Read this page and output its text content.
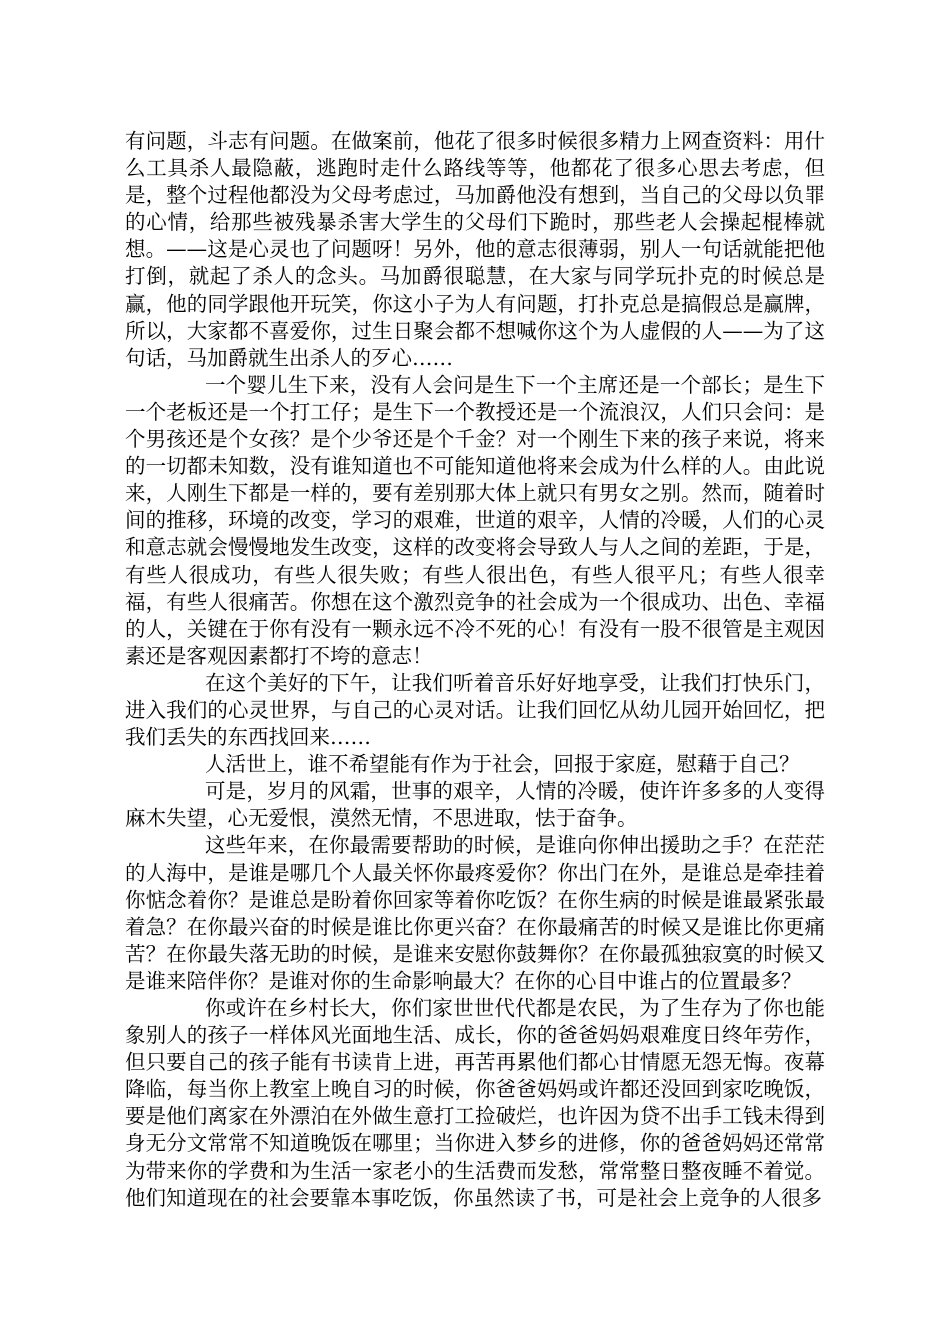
有问题，斗志有问题。在做案前，他花了很多时候很多精力上网查资料：用什么工具杀人最隐蔽，逃跑时走什么路线等等，他都花了很多心思去考虑，但是，整个过程他都没为父母考虑过，马加爵他没有想到，当自己的父母以负罪的心情，给那些被残暴杀害大学生的父母们下跪时，那些老人会操起棍棒就想。——这是心灵也了问题呀！另外，他的意志很薄弱，别人一句话就能把他打倒，就起了杀人的念头。马加爵很聪慧，在大家与同学玩扑克的时候总是赢，他的同学跟他开玩笑，你这小子为人有问题，打扑克总是搞假总是赢牌，所以，大家都不喜爱你，过生日聚会都不想喊你这个为人虚假的人——为了这句话，马加爵就生出杀人的歹心……

一个婴儿生下来，没有人会问是生下一个主席还是一个部长；是生下一个老板还是一个打工仔；是生下一个教授还是一个流浪汉，人们只会问：是个男孩还是个女孩？是个少爷还是个千金？对一个刚生下来的孩子来说，将来的一切都未知数，没有谁知道也不可能知道他将来会成为什么样的人。由此说来，人刚生下都是一样的，要有差别那大体上就只有男女之别。然而，随着时间的推移，环境的改变，学习的艰难，世道的艰辛，人情的冷暖，人们的心灵和意志就会慢慢地发生改变，这样的改变将会导致人与人之间的差距，于是，有些人很成功，有些人很失败；有些人很出色，有些人很平凡；有些人很幸福，有些人很痛苦。你想在这个激烈竞争的社会成为一个很成功、出色、幸福的人，关键在于你有没有一颗永远不冷不死的心！有没有一股不很管是主观因素还是客观因素都打不垮的意志！

在这个美好的下午，让我们听着音乐好好地享受，让我们打快乐门，进入我们的心灵世界，与自己的心灵对话。让我们回忆从幼儿园开始回忆，把我们丢失的东西找回来……

人活世上，谁不希望能有作为于社会，回报于家庭，慰藉于自己？

可是，岁月的风霜，世事的艰辛，人情的冷暖，使许许多多的人变得麻木失望，心无爱恨，漠然无情，不思进取，怯于奋争。

这些年来，在你最需要帮助的时候，是谁向你伸出援助之手？在茫茫的人海中，是谁是哪几个人最关怀你最疼爱你？你出门在外，是谁总是牵挂着你惦念着你？是谁总是盼着你回家等着你吃饭？在你生病的时候是谁最紧张最着急？在你最兴奋的时候是谁比你更兴奋？在你最痛苦的时候又是谁比你更痛苦？在你最失落无助的时候，是谁来安慰你鼓舞你？在你最孤独寂寞的时候又是谁来陪伴你？是谁对你的生命影响最大？在你的心目中谁占的位置最多？

你或许在乡村长大，你们家世世代代都是农民，为了生存为了你也能象别人的孩子一样体风光面地生活、成长，你的爸爸妈妈艰难度日终年劳作，但只要自己的孩子能有书读肯上进，再苦再累他们都心甘情愿无怨无悔。夜幕降临，每当你上教室上晚自习的时候，你爸爸妈妈或许都还没回到家吃晚饭，要是他们离家在外漂泊在外做生意打工捡破烂，也许因为贷不出手工钱未得到身无分文常常不知道晚饭在哪里；当你进入梦乡的进修，你的爸爸妈妈还常常为带来你的学费和为生活一家老小的生活费而发愁，常常整日整夜睡不着觉。他们知道现在的社会要靠本事吃饭，你虽然读了书，可是社会上竞争的人很多
